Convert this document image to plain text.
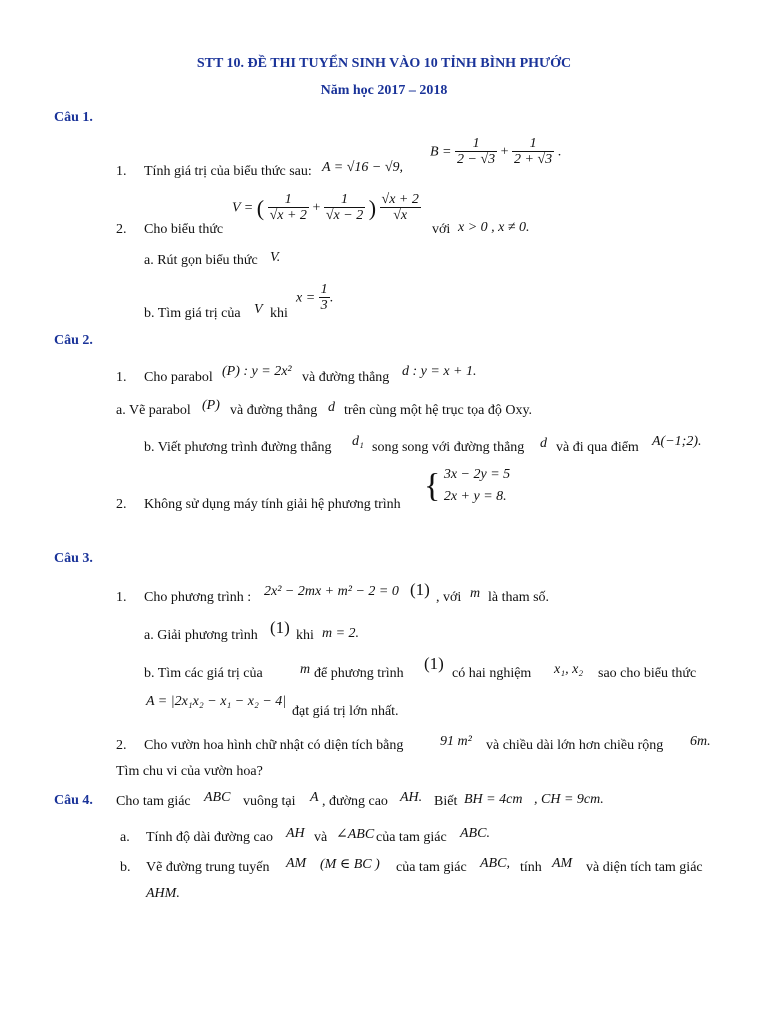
STT 10. ĐỀ THI TUYỂN SINH VÀO 10 TỈNH BÌNH PHƯỚC
Năm học 2017 – 2018
Câu 1.
1. Tính giá trị của biểu thức sau: A = √16 − √9,
$B = \frac{1}{2 - √3} + \frac{1}{2 + √3}$ .
2. Cho biểu thức
V = ( $\frac{1}{√x + 2} + \frac{1}{√x - 2}$ ) $\frac{√x + 2}{√x}$
với x > 0 , x ≠ 0.
a. Rút gọn biểu thức V.
b. Tìm giá trị của V khi
$x = \frac{1}{3}$ .
Câu 2.
1. Cho parabol (P) : y = 2x² và đường thẳng d : y = x + 1.
a. Vẽ parabol (P) và đường thẳng d trên cùng một hệ trục tọa độ Oxy.
b. Viết phương trình đường thẳng d₁ song song với đường thẳng d và đi qua điểm A(−1;2).
2. Không sử dụng máy tính giải hệ phương trình
{ 3x − 2y = 5
2x + y = 8.
Câu 3.
1. Cho phương trình : 2x² − 2mx + m² − 2 = 0 (1) , với m là tham số.
a. Giải phương trình (1) khi m = 2.
b. Tìm các giá trị của	m để phương trình
(1)
có hai nghiệm x₁, x₂ sao cho biểu thức
A = |2x₁x₂ − x₁ − x₂ − 4|
đạt giá trị lớn nhất.
2. Cho vườn hoa hình chữ nhật có diện tích bằng	91 m² và chiều dài lớn hơn chiều rộng 6m.
Tìm chu vi của vườn hoa?
Câu 4. Cho tam giác ABC vuông tại A , đường cao AH. Biết BH = 4cm , CH = 9cm.
a. Tính độ dài đường cao AH và ∠ABC của tam giác ABC.
b. Vẽ đường trung tuyến AM (M ∈ BC ) của tam giác ABC, tính AM và diện tích tam giác
AHM.
